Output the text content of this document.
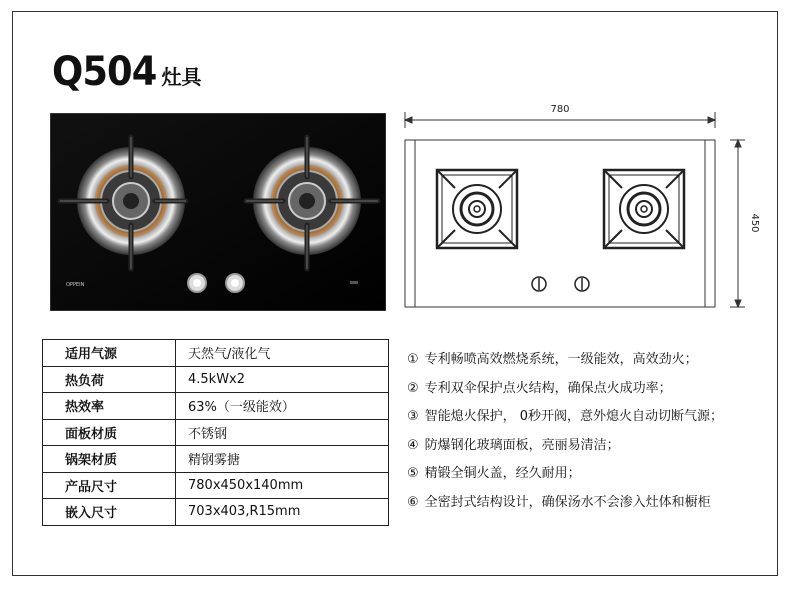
Q504 灶具
OPPEIN
780
450
适用气源	天然气/液化气
热负荷	4.5kWx2
热效率	63%（一级能效）
面板材质	不锈钢
锅架材质	精钢雾搪
产品尺寸	780x450x140mm
嵌入尺寸	703x403,R15mm
① 专利畅喷高效燃烧系统，一级能效，高效劲火；
② 专利双伞保护点火结构，确保点火成功率；
③ 智能熄火保护， 0秒开阀，意外熄火自动切断气源；
④ 防爆钢化玻璃面板，亮丽易清洁；
⑤ 精锻全铜火盖，经久耐用；
⑥ 全密封式结构设计，确保汤水不会渗入灶体和橱柜
